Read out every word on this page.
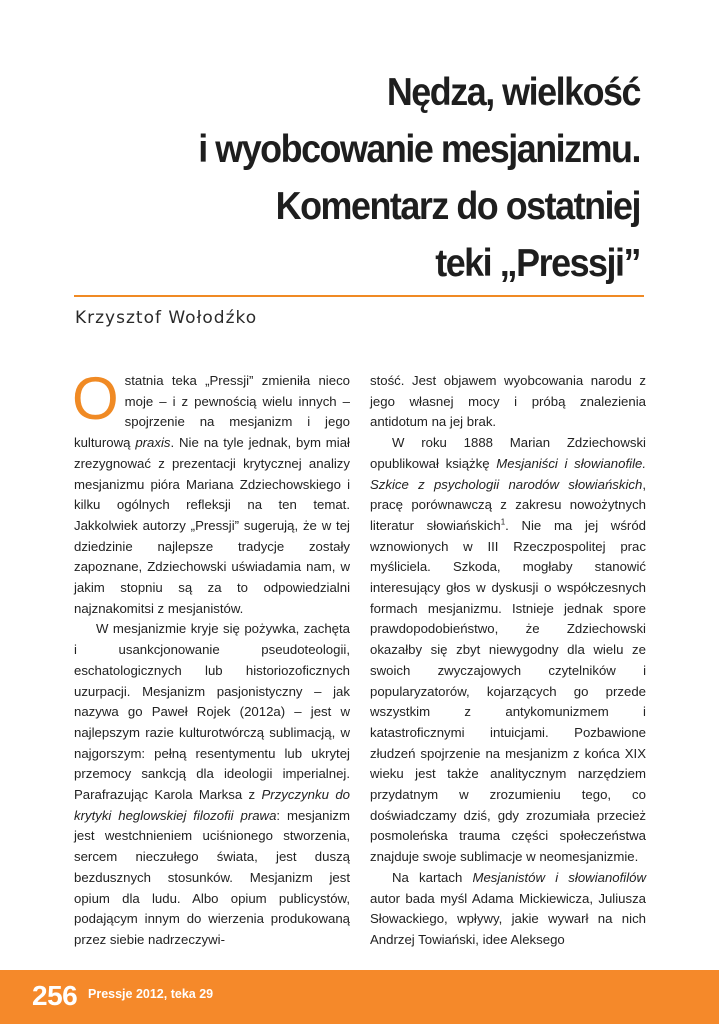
Nędza, wielkość
i wyobcowanie mesjanizmu.
Komentarz do ostatniej
teki „Pressji”
Krzysztof Wołodźko

Ostatnia teka „Pressji” zmieniła nieco moje – i z pewnością wielu innych – spojrzenie na mesjanizm i jego kulturową praxis. Nie na tyle jednak, bym miał zrezygnować z prezentacji krytycznej analizy mesjanizmu pióra Mariana Zdziechowskiego i kilku ogólnych refleksji na ten temat. Jakkolwiek autorzy „Pressji” sugerują, że w tej dziedzinie najlepsze tradycje zostały zapoznane, Zdziechowski uświadamia nam, w jakim stopniu są za to odpowiedzialni najznakomitsi z mesjanistów.

W mesjanizmie kryje się pożywka, zachęta i usankcjonowanie pseudoteologii, eschatologicznych lub historiozoficznych uzurpacji. Mesjanizm pasjonistyczny – jak nazywa go Paweł Rojek (2012a) – jest w najlepszym razie kulturotwórczą sublimacją, w najgorszym: pełną resentymentu lub ukrytej przemocy sankcją dla ideologii imperialnej. Parafrazując Karola Marksa z Przyczynku do krytyki heglowskiej filozofii prawa: mesjanizm jest westchnieniem uciśnionego stworzenia, sercem nieczułego świata, jest duszą bezdusznych stosunków. Mesjanizm jest opium dla ludu. Albo opium publicystów, podającym innym do wierzenia produkowaną przez siebie nadrzeczywi-

stość. Jest objawem wyobcowania narodu z jego własnej mocy i próbą znalezienia antidotum na jej brak.

W roku 1888 Marian Zdziechowski opublikował książkę Mesjaniści i słowianofile. Szkice z psychologii narodów słowiańskich, pracę porównawczą z zakresu nowożytnych literatur słowiańskich$^1$. Nie ma jej wśród wznowionych w III Rzeczpospolitej prac myśliciela. Szkoda, mogłaby stanowić interesujący głos w dyskusji o współczesnych formach mesjanizmu. Istnieje jednak spore prawdopodobieństwo, że Zdziechowski okazałby się zbyt niewygodny dla wielu ze swoich zwyczajowych czytelników i popularyzatorów, kojarzących go przede wszystkim z antykomunizmem i katastroficznymi intuicjami. Pozbawione złudzeń spojrzenie na mesjanizm z końca XIX wieku jest także analitycznym narzędziem przydatnym w zrozumieniu tego, co doświadczamy dziś, gdy zrozumiała przecież posmoleńska trauma części społeczeństwa znajduje swoje sublimacje w neomesjanizmie.

Na kartach Mesjanistów i słowianofilów autor bada myśl Adama Mickiewicza, Juliusza Słowackiego, wpływy, jakie wywarł na nich Andrzej Towiański, idee Aleksego

256 Pressje 2012, teka 29
